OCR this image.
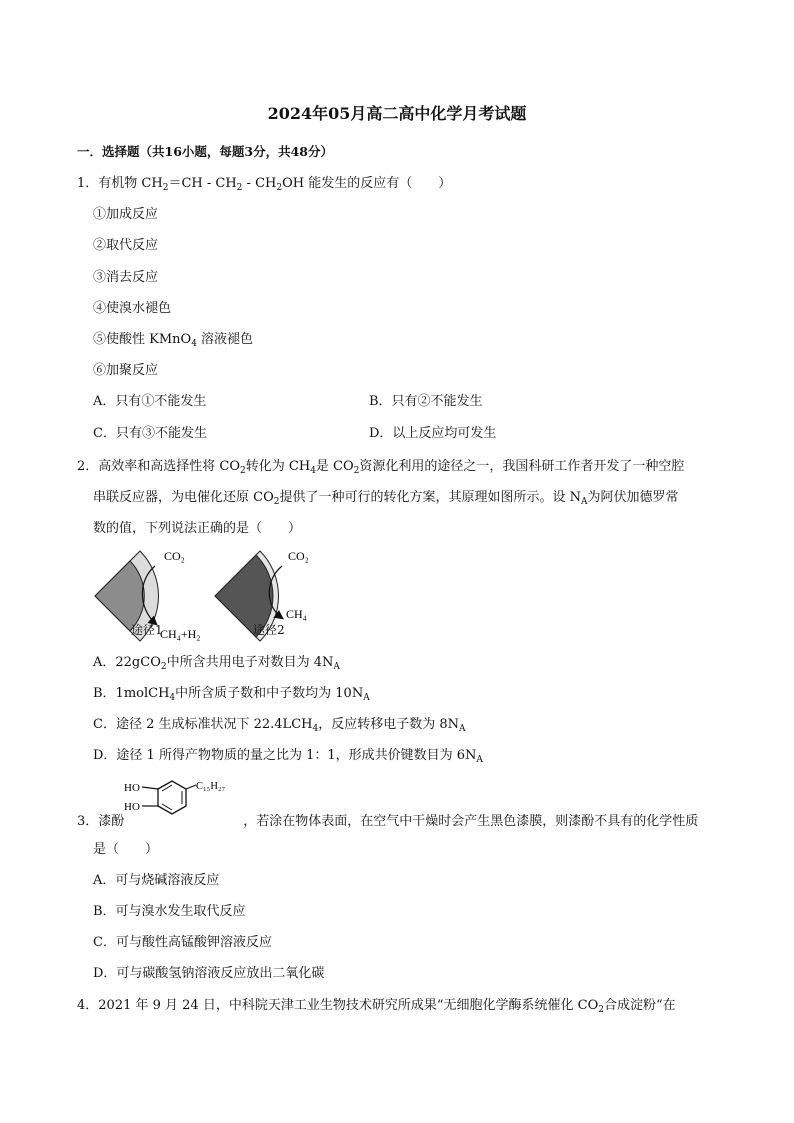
2024年05月高二高中化学月考试题
一．选择题（共16小题，每题3分，共48分）
1．有机物 $CH_2=CH - CH_2 - CH_2OH$ 能发生的反应有（　　）
①加成反应
②取代反应
③消去反应
④使溴水褪色
⑤使酸性 KMnO$_4$ 溶液褪色
⑥加聚反应
A．只有①不能发生	B．只有②不能发生
C．只有③不能发生	D．以上反应均可发生
2．高效率和高选择性将 $CO_2$转化为 $CH_4$是 $CO_2$资源化利用的途径之一，我国科研工作者开发了一种空腔
串联反应器，为电催化还原 $CO_2$提供了一种可行的转化方案，其原理如图所示。设 $N_A$为阿伏加德罗常
数的值，下列说法正确的是（　　）
CO₂
CH₄+H₂
CO₂
CH₄
途径1	途径2
A．22gCO$_2$中所含共用电子对数目为 $4N_A$
B．1molCH$_4$中所含质子数和中子数均为 $10N_A$
C．途径 2 生成标准状况下 $22.4LCH_4$，反应转移电子数为 $8N_A$
D．途径 1 所得产物物质的量之比为 1：1，形成共价键数目为 $6N_A$
HO
HO
C₁₅H₂₇
3．漆酚	，若涂在物体表面，在空气中干燥时会产生黑色漆膜，则漆酚不具有的化学性质
是（　　）
A．可与烧碱溶液反应
B．可与溴水发生取代反应
C．可与酸性高锰酸钾溶液反应
D．可与碳酸氢钠溶液反应放出二氧化碳
4．2021 年 9 月 24 日，中科院天津工业生物技术研究所成果“无细胞化学酶系统催化 $CO_2$合成淀粉“在
